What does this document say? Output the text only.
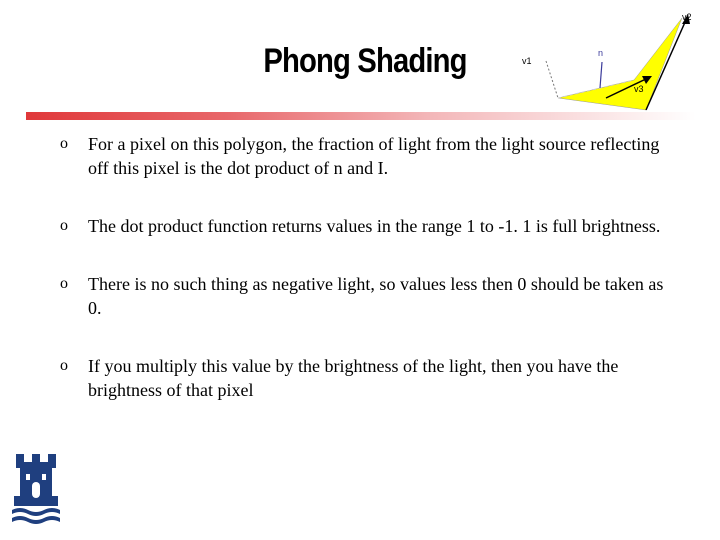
Phong Shading	v1
n
v2
v3
o For a pixel on this polygon, the fraction of light from the light source reflecting off this pixel is the dot product of n and I.
o The dot product function returns values in the range 1 to -1. 1 is full brightness.
o There is no such thing as negative light, so values less then 0 should be taken as 0.
o If you multiply this value by the brightness of the light, then you have the brightness of that pixel
